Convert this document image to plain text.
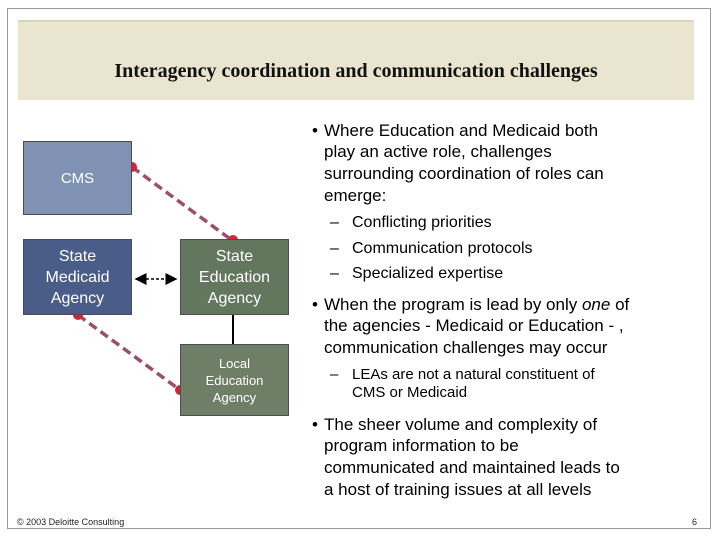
Interagency coordination and communication challenges
CMS
State
Medicaid
Agency
State
Education
Agency
Local
Education
Agency
• Where Education and Medicaid both
play an active role, challenges
surrounding coordination of roles can
emerge:
– Conflicting priorities
– Communication protocols
– Specialized expertise
• When the program is lead by only one of
the agencies - Medicaid or Education - ,
communication challenges may occur
– LEAs are not a natural constituent of
CMS or Medicaid
• The sheer volume and complexity of
program information to be
communicated and maintained leads to
a host of training issues at all levels
© 2003 Deloitte Consulting	6
